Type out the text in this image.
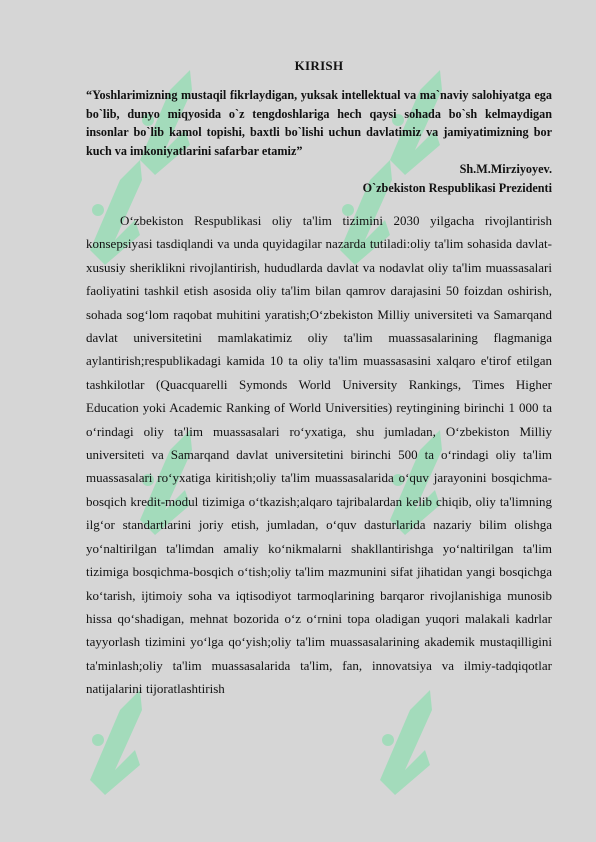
KIRISH

“Yoshlarimizning mustaqil fikrlaydigan, yuksak intellektual va ma`naviy salohiyatga ega bo`lib, dunyo miqyosida o`z tengdoshlariga hech qaysi sohada bo`sh kelmaydigan insonlar bo`lib kamol topishi, baxtli bo`lishi uchun davlatimiz va jamiyatimizning bor kuch va imkoniyatlarini safarbar etamiz”

Sh.M.Mirziyoyev.

O`zbekiston Respublikasi Prezidenti

O‘zbekiston Respublikasi oliy ta'lim tizimini 2030 yilgacha rivojlantirish konsepsiyasi tasdiqlandi va unda quyidagilar nazarda tutiladi:oliy ta'lim sohasida davlat-xususiy sheriklikni rivojlantirish, hududlarda davlat va nodavlat oliy ta'lim muassasalari faoliyatini tashkil etish asosida oliy ta'lim bilan qamrov darajasini 50 foizdan oshirish, sohada sog‘lom raqobat muhitini yaratish;O‘zbekiston Milliy universiteti va Samarqand davlat universitetini mamlakatimiz oliy ta'lim muassasalarining flagmaniga aylantirish;respublikadagi kamida 10 ta oliy ta'lim muassasasini xalqaro e'tirof etilgan tashkilotlar (Quacquarelli Symonds World University Rankings, Times Higher Education yoki Academic Ranking of World Universities) reytingining birinchi 1 000 ta o‘rindagi oliy ta'lim muassasalari ro‘yxatiga, shu jumladan, O‘zbekiston Milliy universiteti va Samarqand davlat universitetini birinchi 500 ta o‘rindagi oliy ta'lim muassasalari ro‘yxatiga kiritish;oliy ta'lim muassasalarida o‘quv jarayonini bosqichma-bosqich kredit-modul tizimiga o‘tkazish;alqaro tajribalardan kelib chiqib, oliy ta'limning ilg‘or standartlarini joriy etish, jumladan, o‘quv dasturlarida nazariy bilim olishga yo‘naltirilgan ta'limdan amaliy ko‘nikmalarni shakllantirishga yo‘naltirilgan ta'lim tizimiga bosqichma-bosqich o‘tish;oliy ta'lim mazmunini sifat jihatidan yangi bosqichga ko‘tarish, ijtimoiy soha va iqtisodiyot tarmoqlarining barqaror rivojlanishiga munosib hissa qo‘shadigan, mehnat bozorida o‘z o‘rnini topa oladigan yuqori malakali kadrlar tayyorlash tizimini yo‘lga qo‘yish;oliy ta'lim muassasalarining akademik mustaqilligini ta'minlash;oliy ta'lim muassasalarida ta'lim, fan, innovatsiya va ilmiy-tadqiqotlar natijalarini tijoratlashtirish
